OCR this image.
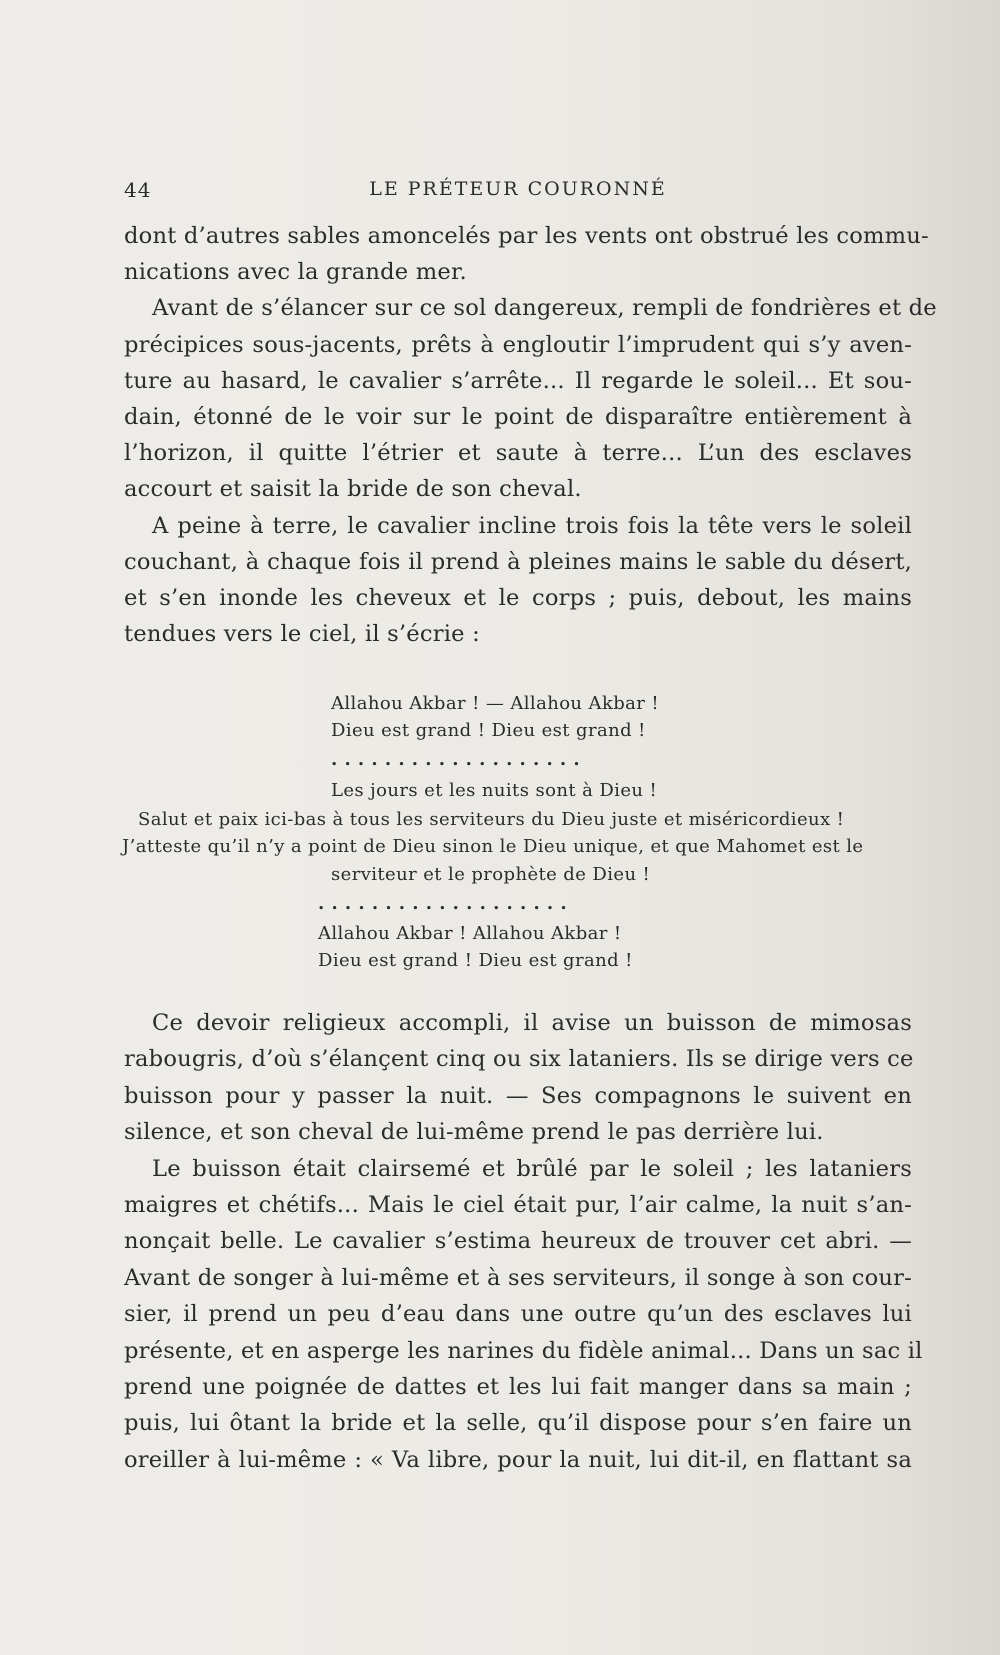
44	LE PRÉTEUR COURONNÉ
dont d’autres sables amoncelés par les vents ont obstrué les commu-
nications avec la grande mer.
Avant de s’élancer sur ce sol dangereux, rempli de fondrières et de
précipices sous-jacents, prêts à engloutir l’imprudent qui s’y aven-
ture au hasard, le cavalier s’arrête... Il regarde le soleil... Et sou-
dain, étonné de le voir sur le point de disparaître entièrement à
l’horizon, il quitte l’étrier et saute à terre... L’un des esclaves
accourt et saisit la bride de son cheval.
A peine à terre, le cavalier incline trois fois la tête vers le soleil
couchant, à chaque fois il prend à pleines mains le sable du désert,
et s’en inonde les cheveux et le corps ; puis, debout, les mains
tendues vers le ciel, il s’écrie :
Allahou Akbar ! — Allahou Akbar !
Dieu est grand ! Dieu est grand !
...................
Les jours et les nuits sont à Dieu !
Salut et paix ici-bas à tous les serviteurs du Dieu juste et miséricordieux !
J’atteste qu’il n’y a point de Dieu sinon le Dieu unique, et que Mahomet est le
serviteur et le prophète de Dieu !
...................
Allahou Akbar ! Allahou Akbar !
Dieu est grand ! Dieu est grand !
Ce devoir religieux accompli, il avise un buisson de mimosas
rabougris, d’où s’élançent cinq ou six lataniers. Ils se dirige vers ce
buisson pour y passer la nuit. — Ses compagnons le suivent en
silence, et son cheval de lui-même prend le pas derrière lui.
Le buisson était clairsemé et brûlé par le soleil ; les lataniers
maigres et chétifs... Mais le ciel était pur, l’air calme, la nuit s’an-
nonçait belle. Le cavalier s’estima heureux de trouver cet abri. —
Avant de songer à lui-même et à ses serviteurs, il songe à son cour-
sier, il prend un peu d’eau dans une outre qu’un des esclaves lui
présente, et en asperge les narines du fidèle animal... Dans un sac il
prend une poignée de dattes et les lui fait manger dans sa main ;
puis, lui ôtant la bride et la selle, qu’il dispose pour s’en faire un
oreiller à lui-même : « Va libre, pour la nuit, lui dit-il, en flattant sa
